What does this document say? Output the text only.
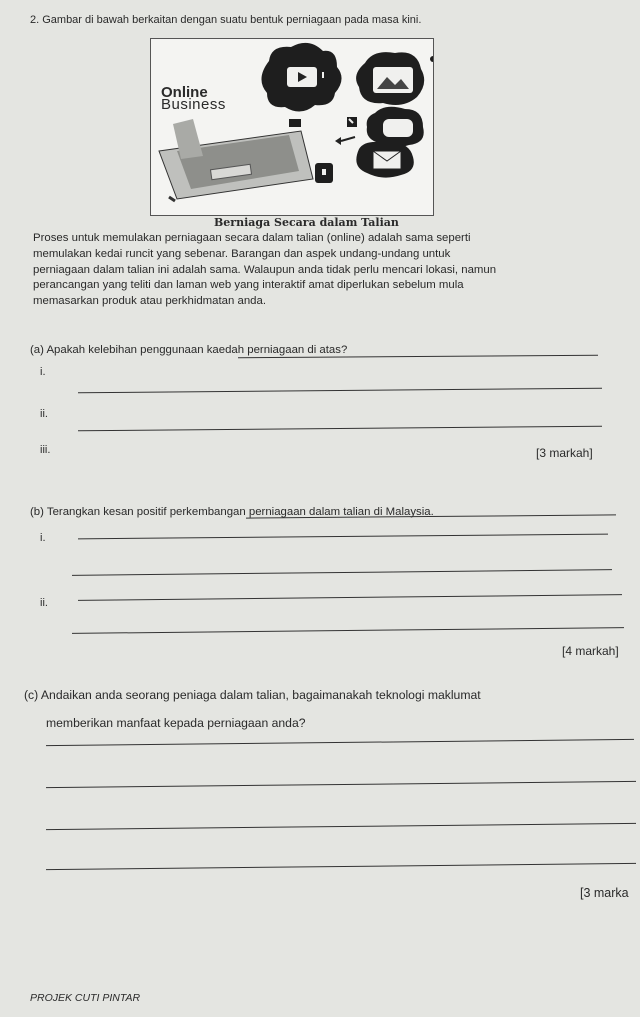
2. Gambar di bawah berkaitan dengan suatu bentuk perniagaan pada masa kini.
Online
Business
Berniaga Secara dalam Talian
Proses untuk memulakan perniagaan secara dalam talian (online) adalah sama seperti
memulakan kedai runcit yang sebenar. Barangan dan aspek undang-undang untuk
perniagaan dalam talian ini adalah sama. Walaupun anda tidak perlu mencari lokasi, namun
perancangan yang teliti dan laman web yang interaktif amat diperlukan sebelum mula
memasarkan produk atau perkhidmatan anda.
(a) Apakah kelebihan penggunaan kaedah perniagaan di atas?
i.
ii.
iii.	[3 markah]
(b) Terangkan kesan positif perkembangan perniagaan dalam talian di Malaysia.
i.
ii.
[4 markah]
(c) Andaikan anda seorang peniaga dalam talian, bagaimanakah teknologi maklumat
memberikan manfaat kepada perniagaan anda?
[3 marka
PROJEK CUTI PINTAR
